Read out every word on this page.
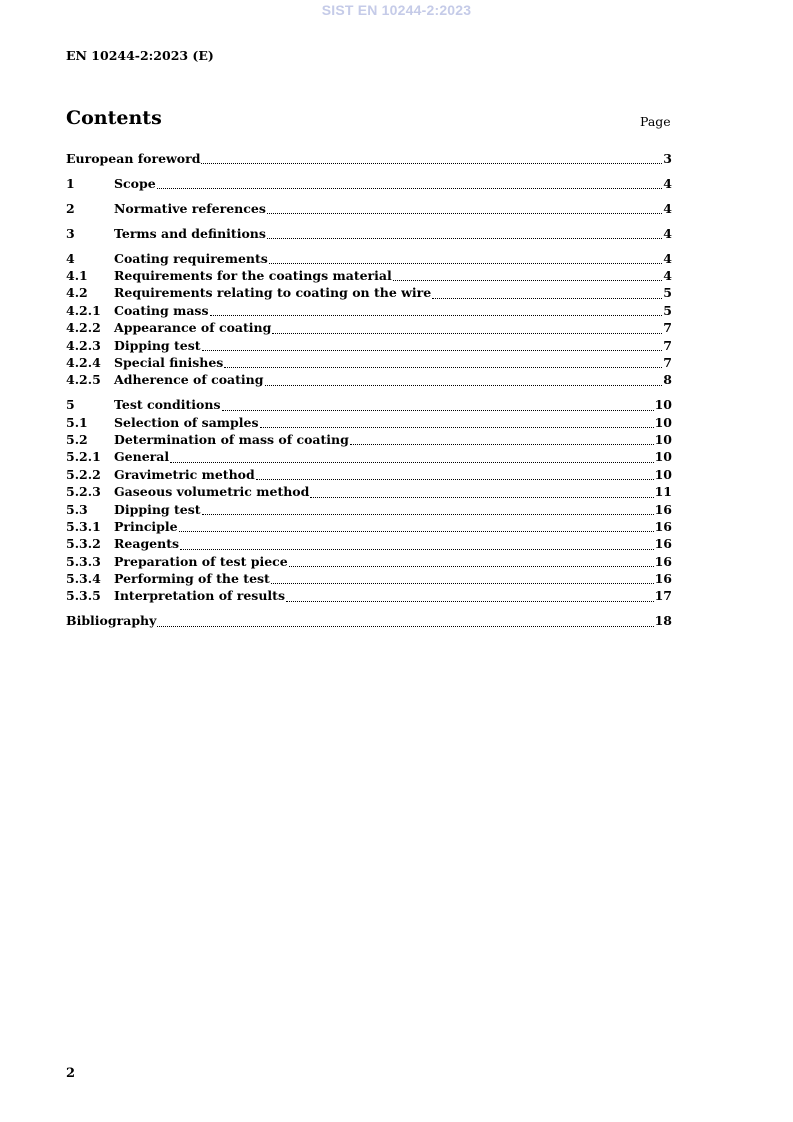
SIST EN 10244-2:2023
EN 10244-2:2023 (E)
Contents	Page
European foreword	3
1	Scope	4
2	Normative references	4
3	Terms and definitions	4
4	Coating requirements	4
4.1	Requirements for the coatings material	4
4.2	Requirements relating to coating on the wire	5
4.2.1	Coating mass	5
4.2.2	Appearance of coating	7
4.2.3	Dipping test	7
4.2.4	Special finishes	7
4.2.5	Adherence of coating	8
5	Test conditions	10
5.1	Selection of samples	10
5.2	Determination of mass of coating	10
5.2.1	General	10
5.2.2	Gravimetric method	10
5.2.3	Gaseous volumetric method	11
5.3	Dipping test	16
5.3.1	Principle	16
5.3.2	Reagents	16
5.3.3	Preparation of test piece	16
5.3.4	Performing of the test	16
5.3.5	Interpretation of results	17
Bibliography	18
2
